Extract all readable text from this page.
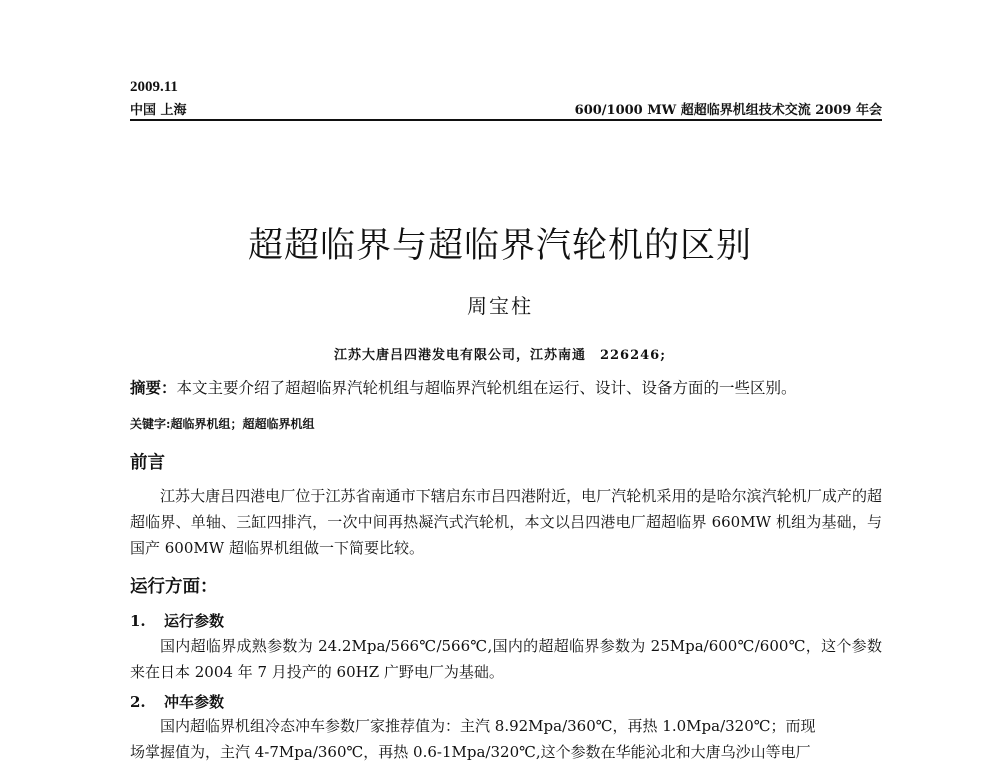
2009.11
中国 上海	600/1000 MW 超超临界机组技术交流 2009 年会
超超临界与超临界汽轮机的区别
周宝柱
江苏大唐吕四港发电有限公司，江苏南通　226246;
摘要：本文主要介绍了超超临界汽轮机组与超临界汽轮机组在运行、设计、设备方面的一些区别。
关键字:超临界机组；超超临界机组
前言
江苏大唐吕四港电厂位于江苏省南通市下辖启东市吕四港附近，电厂汽轮机采用的是哈尔滨汽轮机厂成产的超超临界、单轴、三缸四排汽，一次中间再热凝汽式汽轮机，本文以吕四港电厂超超临界 660MW 机组为基础，与国产 600MW 超临界机组做一下简要比较。
运行方面：
1. 运行参数
国内超临界成熟参数为 24.2Mpa/566℃/566℃,国内的超超临界参数为 25Mpa/600℃/600℃，这个参数来在日本 2004 年 7 月投产的 60HZ 广野电厂为基础。
2. 冲车参数
国内超临界机组冷态冲车参数厂家推荐值为：主汽 8.92Mpa/360℃，再热 1.0Mpa/320℃；而现
场掌握值为，主汽 4-7Mpa/360℃，再热 0.6-1Mpa/320℃,这个参数在华能沁北和大唐乌沙山等电厂
